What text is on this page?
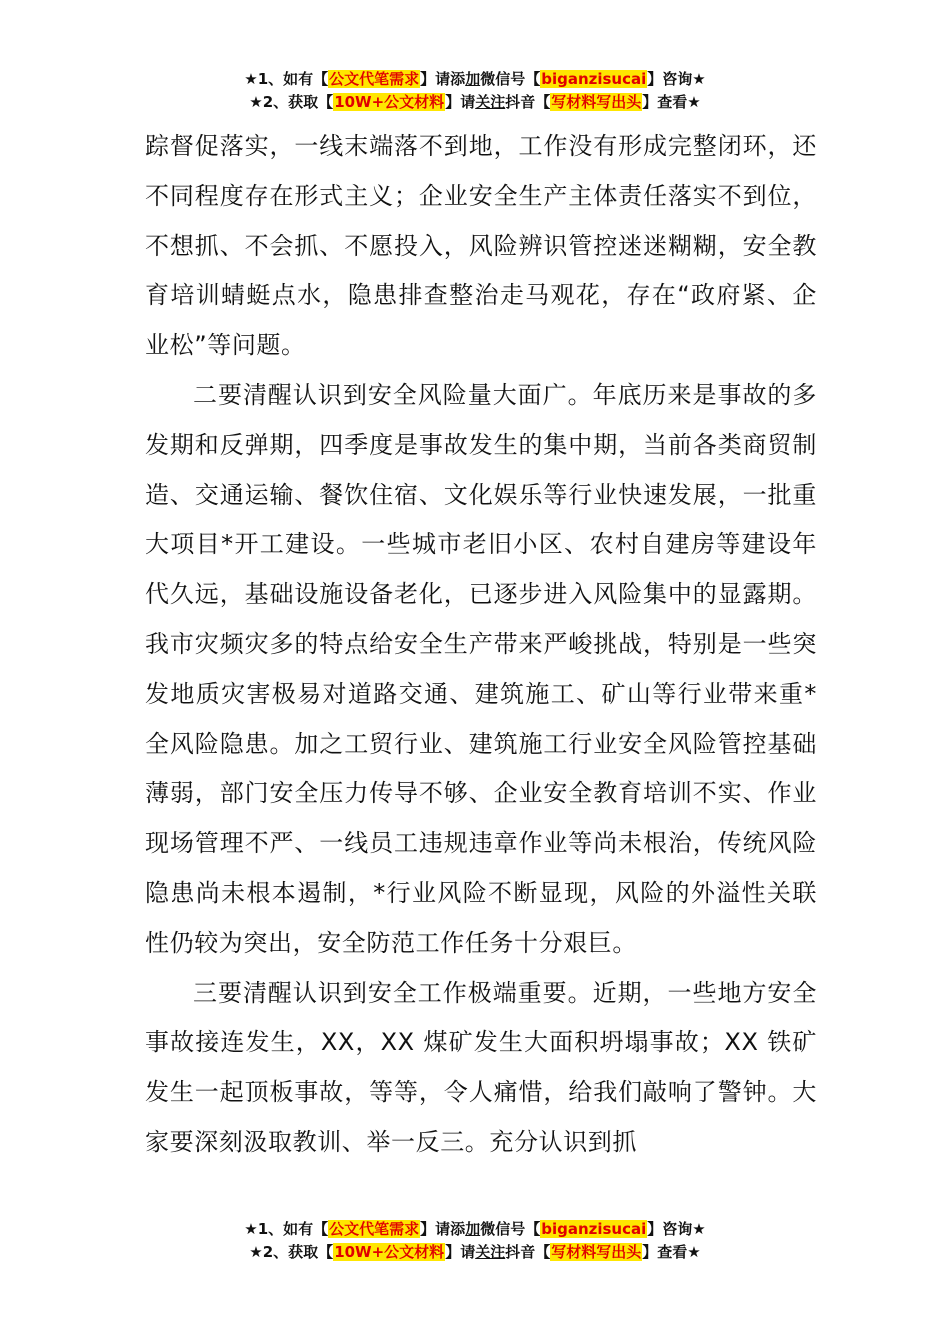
★1、如有【公文代笔需求】请添加微信号【biganzisucai】咨询★
★2、获取【10W+公文材料】请关注抖音【写材料写出头】查看★

踪督促落实，一线末端落不到地，工作没有形成完整闭环，还不同程度存在形式主义；企业安全生产主体责任落实不到位，不想抓、不会抓、不愿投入，风险辨识管控迷迷糊糊，安全教育培训蜻蜓点水，隐患排查整治走马观花，存在“政府紧、企业松”等问题。

二要清醒认识到安全风险量大面广。年底历来是事故的多发期和反弹期，四季度是事故发生的集中期，当前各类商贸制造、交通运输、餐饮住宿、文化娱乐等行业快速发展，一批重大项目*开工建设。一些城市老旧小区、农村自建房等建设年代久远，基础设施设备老化，已逐步进入风险集中的显露期。我市灾频灾多的特点给安全生产带来严峻挑战，特别是一些突发地质灾害极易对道路交通、建筑施工、矿山等行业带来重*全风险隐患。加之工贸行业、建筑施工行业安全风险管控基础薄弱，部门安全压力传导不够、企业安全教育培训不实、作业现场管理不严、一线员工违规违章作业等尚未根治，传统风险隐患尚未根本遏制，*行业风险不断显现，风险的外溢性关联性仍较为突出，安全防范工作任务十分艰巨。

三要清醒认识到安全工作极端重要。近期，一些地方安全事故接连发生，XX，XX 煤矿发生大面积坍塌事故；XX 铁矿发生一起顶板事故，等等，令人痛惜，给我们敲响了警钟。大家要深刻汲取教训、举一反三。充分认识到抓

★1、如有【公文代笔需求】请添加微信号【biganzisucai】咨询★
★2、获取【10W+公文材料】请关注抖音【写材料写出头】查看★
